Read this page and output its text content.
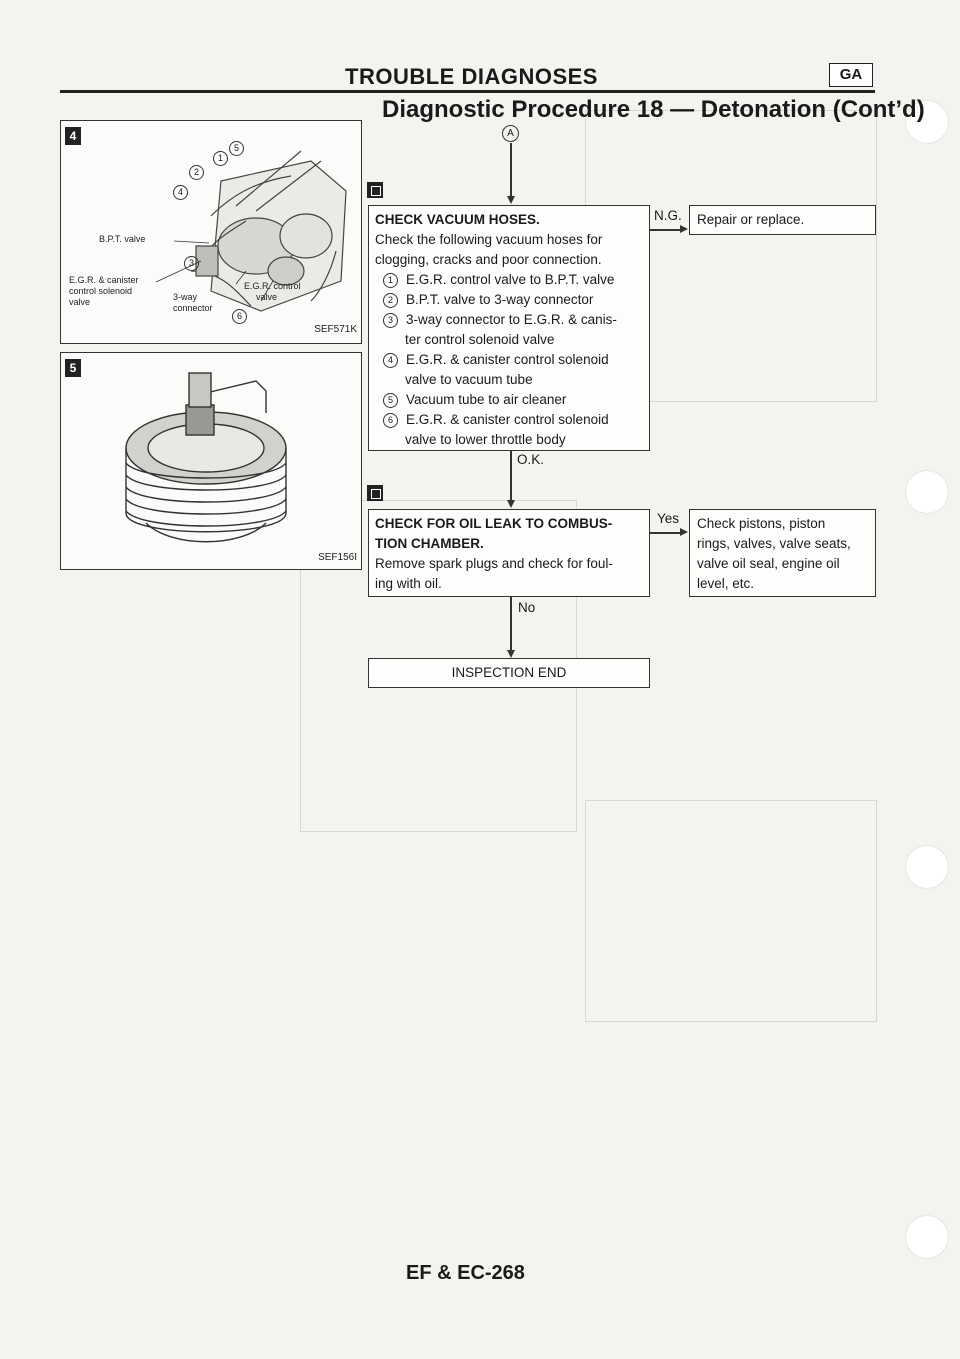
TROUBLE DIAGNOSES	GA
Diagnostic Procedure 18 — Detonation (Cont’d)
4
B.P.T. valve
E.G.R. & canister
control solenoid
valve	3-way
connector
E.G.R. control
valve
1
2
3
4
5
6
SEF571K
5
SEF156I
A
CHECK VACUUM HOSES.
Check the following vacuum hoses for
clogging, cracks and poor connection.
1 E.G.R. control valve to B.P.T. valve
2 B.P.T. valve to 3-way connector
3 3-way connector to E.G.R. & canis-
ter control solenoid valve
4 E.G.R. & canister control solenoid
valve to vacuum tube
5 Vacuum tube to air cleaner
6 E.G.R. & canister control solenoid
valve to lower throttle body
N.G. Repair or replace.
O.K.
CHECK FOR OIL LEAK TO COMBUS-
TION CHAMBER.
Remove spark plugs and check for foul-
ing with oil.
Yes Check pistons, piston
rings, valves, valve seats,
valve oil seal, engine oil
level, etc.
No
INSPECTION END
EF & EC-268
